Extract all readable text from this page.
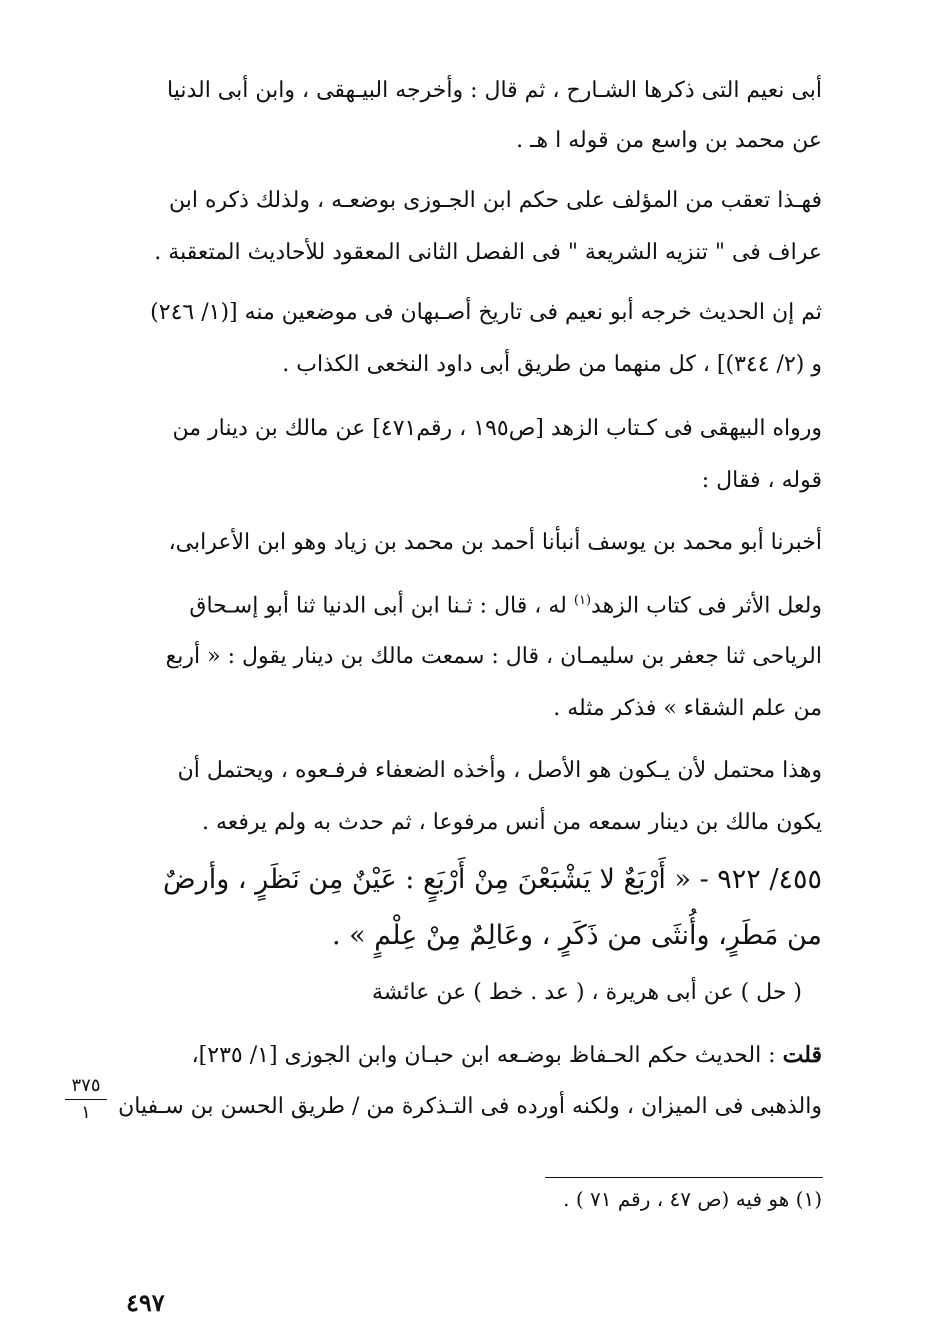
أبى نعيم التى ذكرها الشـارح ، ثم قال : وأخرجه البيـهقى ، وابن أبى الدنيا
عن محمد بن واسع من قوله ا هـ .
فهـذا تعقب من المؤلف على حكم ابن الجـوزى بوضعـه ، ولذلك ذكره ابن
عراف فى " تنزيه الشريعة " فى الفصل الثانى المعقود للأحاديث المتعقبة .
ثم إن الحديث خرجه أبو نعيم فى تاريخ أصـبهان فى موضعين منه [(١/ ٢٤٦)
و (٢/ ٣٤٤)] ، كل منهما من طريق أبى داود النخعى الكذاب .
ورواه البيهقى فى كـتاب الزهد [ص١٩٥ ، رقم٤٧١] عن مالك بن دينار من
قوله ، فقال :
أخبرنا أبو محمد بن يوسف أنبأنا أحمد بن محمد بن زياد وهو ابن الأعرابى،
ولعل الأثر فى كتاب الزهد$^{(١)}$ له ، قال : ثـنا ابن أبى الدنيا ثنا أبو إسـحاق
الرياحى ثنا جعفر بن سليمـان ، قال : سمعت مالك بن دينار يقول : « أربع
من علم الشقاء » فذكر مثله .
وهذا محتمل لأن يـكون هو الأصل ، وأخذه الضعفاء فرفـعوه ، ويحتمل أن
يكون مالك بن دينار سمعه من أنس مرفوعا ، ثم حدث به ولم يرفعه .
٤٥٥/ ٩٢٢ - « أَرْبَعٌ لا يَشْبَعْنَ مِنْ أَرْبَعٍ : عَيْنٌ مِن نَظَرٍ ، وأرضٌ
من مَطَرٍ، وأُنثَى من ذَكَرٍ ، وعَالِمٌ مِنْ عِلْمٍ » .
( حل ) عن أبى هريرة ، ( عد . خط ) عن عائشة
قلت : الحديث حكم الحـفاظ بوضـعه ابن حبـان وابن الجوزى [١/ ٢٣٥]،
والذهبى فى الميزان ، ولكنه أورده فى التـذكرة من / طريق الحسن بن سـفيان
٣٧٥
١
(١) هو فيه (ص ٤٧ ، رقم ٧١ ) .
٤٩٧
